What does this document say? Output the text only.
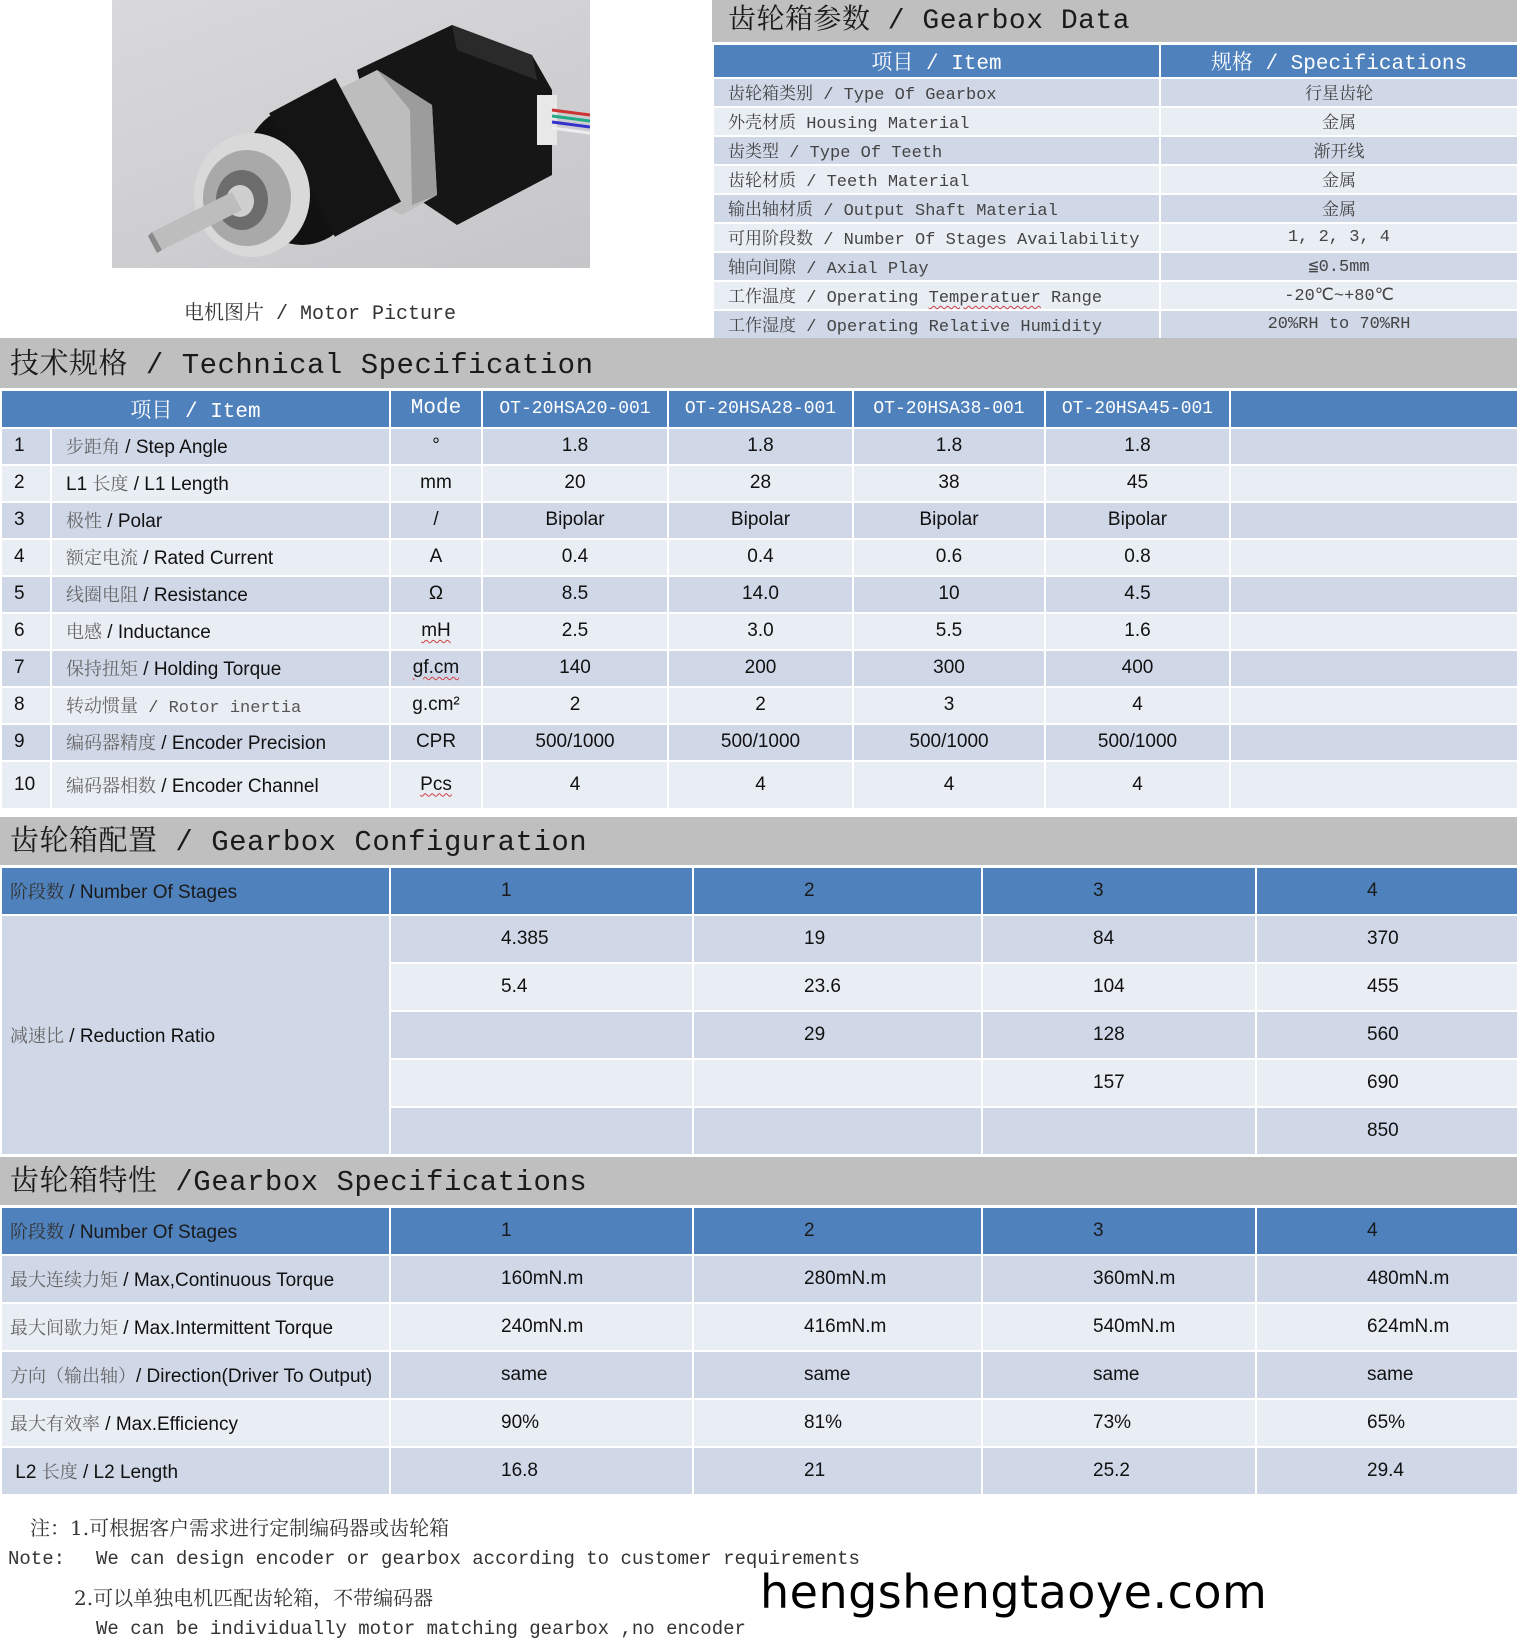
电机图片 / Motor Picture
齿轮箱参数 / Gearbox Data
项目 / Item	规格 / Specifications
齿轮箱类别 / Type Of Gearbox	行星齿轮
外壳材质 Housing Material	金属
齿类型 / Type Of Teeth	渐开线
齿轮材质 / Teeth Material	金属
输出轴材质 / Output Shaft Material	金属
可用阶段数 / Number Of Stages Availability	1, 2, 3, 4
轴向间隙 / Axial Play	≦0.5mm
工作温度 / Operating Temperatuer Range	-20℃~+80℃
工作湿度 / Operating Relative Humidity	20%RH to 70%RH
技术规格 / Technical Specification
项目 / Item		Mode	OT-20HSA20-001	OT-20HSA28-001	OT-20HSA38-001	OT-20HSA45-001	
1	步距角 / Step Angle	°	1.8	1.8	1.8	1.8	
2	L1 长度 / L1 Length	mm	20	28	38	45	
3	极性 / Polar	/	Bipolar	Bipolar	Bipolar	Bipolar	
4	额定电流 / Rated Current	A	0.4	0.4	0.6	0.8	
5	线圈电阻 / Resistance	Ω	8.5	14.0	10	4.5	
6	电感 / Inductance	mH	2.5	3.0	5.5	1.6	
7	保持扭矩 / Holding Torque	gf.cm	140	200	300	400	
8	转动惯量 / Rotor inertia	g.cm²	2	2	3	4	
9	编码器精度 / Encoder Precision	CPR	500/1000	500/1000	500/1000	500/1000	
10	编码器相数 / Encoder Channel	Pcs	4	4	4	4	
齿轮箱配置 / Gearbox Configuration
阶段数 / Number Of Stages	1	2	3	4
减速比 / Reduction Ratio	4.385	19	84	370
	5.4	23.6	104	455
		29	128	560
			157	690
				850
齿轮箱特性 /Gearbox Specifications
阶段数 / Number Of Stages	1	2	3	4
最大连续力矩 / Max,Continuous Torque	160mN.m	280mN.m	360mN.m	480mN.m
最大间歇力矩 / Max.Intermittent Torque	240mN.m	416mN.m	540mN.m	624mN.m
方向（输出轴）/ Direction(Driver To Output)	same	same	same	same
最大有效率 / Max.Efficiency	90%	81%	73%	65%
L2 长度 / L2 Length	16.8	21	25.2	29.4
注：1.可根据客户需求进行定制编码器或齿轮箱
Note: We can design encoder or gearbox according to customer requirements
2.可以单独电机匹配齿轮箱，不带编码器
We can be individually motor matching gearbox ,no encoder
hengshengtaoye.com
